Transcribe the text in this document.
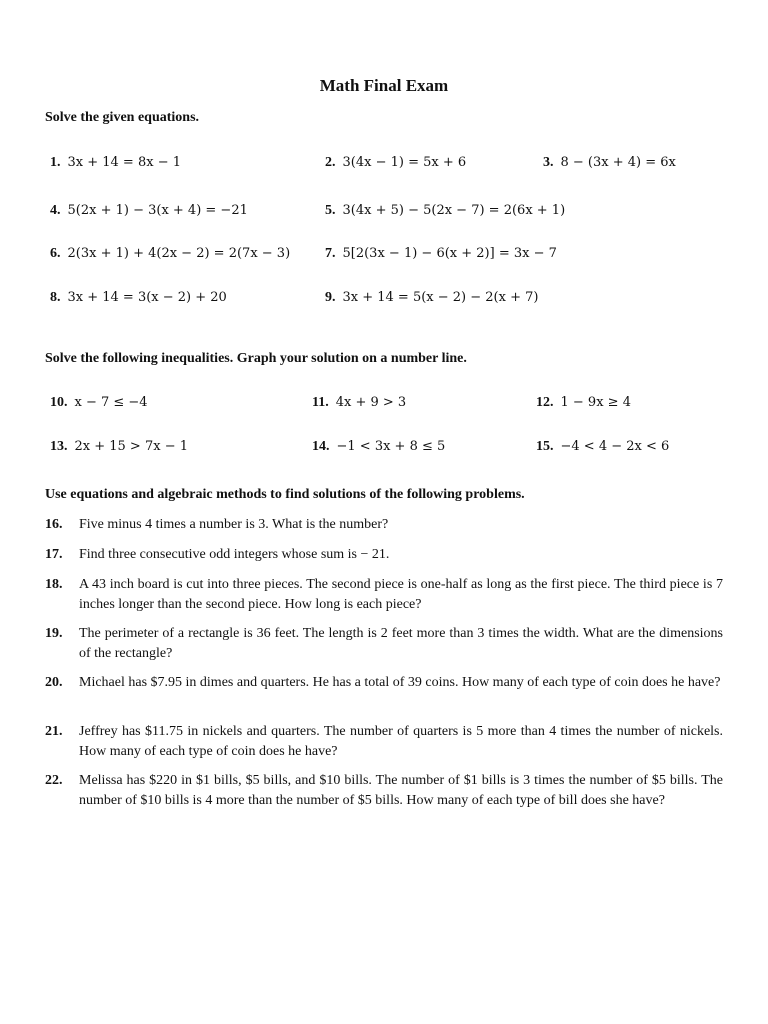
Math Final Exam
Solve the given equations.
1. 3x + 14 = 8x − 1	2. 3(4x − 1) = 5x + 6	3. 8 − (3x + 4) = 6x
4. 5(2x + 1) − 3(x + 4) = −21	5. 3(4x + 5) − 5(2x − 7) = 2(6x + 1)
6. 2(3x + 1) + 4(2x − 2) = 2(7x − 3) 7. 5[2(3x − 1) − 6(x + 2)] = 3x − 7
8. 3x + 14 = 3(x − 2) + 20	9. 3x + 14 = 5(x − 2) − 2(x + 7)
Solve the following inequalities. Graph your solution on a number line.
10. x − 7 ≤ −4	11. 4x + 9 > 3	12. 1 − 9x ≥ 4
13. 2x + 15 > 7x − 1	14. −1 < 3x + 8 ≤ 5	15. −4 < 4 − 2x < 6
Use equations and algebraic methods to find solutions of the following problems.
16.	Five minus 4 times a number is 3. What is the number?
17.	Find three consecutive odd integers whose sum is − 21.
18.	A 43 inch board is cut into three pieces. The second piece is one-half as long as the first piece. The third piece is 7 inches longer than the second piece. How long is each piece?
19.	The perimeter of a rectangle is 36 feet. The length is 2 feet more than 3 times the width. What are the dimensions of the rectangle?
20.	Michael has $7.95 in dimes and quarters. He has a total of 39 coins. How many of each type of coin does he have?
21.	Jeffrey has $11.75 in nickels and quarters. The number of quarters is 5 more than 4 times the number of nickels. How many of each type of coin does he have?
22.	Melissa has $220 in $1 bills, $5 bills, and $10 bills. The number of $1 bills is 3 times the number of $5 bills. The number of $10 bills is 4 more than the number of $5 bills. How many of each type of bill does she have?
